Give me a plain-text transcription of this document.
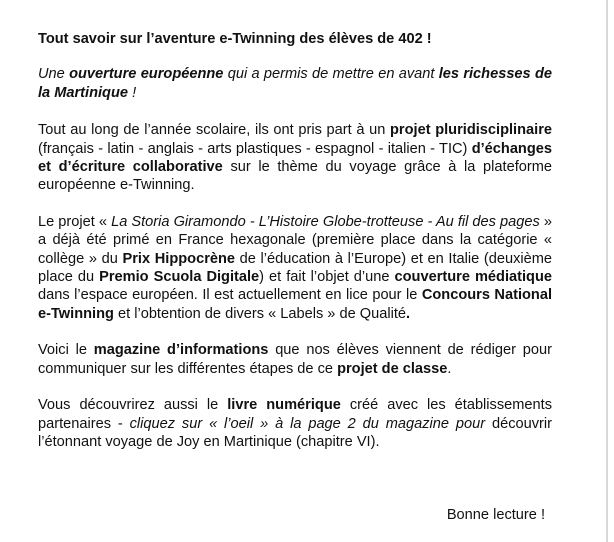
Tout savoir sur l’aventure e-Twinning des élèves de 402 !

Une ouverture européenne qui a permis de mettre en avant les richesses de la Martinique !

Tout au long de l’année scolaire, ils ont pris part à un projet pluridisciplinaire (français - latin - anglais - arts plastiques - espagnol - italien - TIC) d’échanges et d’écriture collaborative sur le thème du voyage grâce à la plateforme européenne e-Twinning.

Le projet « La Storia Giramondo - L’Histoire Globe-trotteuse - Au fil des pages » a déjà été primé en France hexagonale (première place dans la catégorie « collège » du Prix Hippocrène de l’éducation à l’Europe) et en Italie (deuxième place du Premio Scuola Digitale) et fait l’objet d’une couverture médiatique dans l’espace européen. Il est actuellement en lice pour le Concours National e-Twinning et l’obtention de divers « Labels » de Qualité.

Voici le magazine d’informations que nos élèves viennent de rédiger pour communiquer sur les différentes étapes de ce projet de classe.

Vous découvrirez aussi le livre numérique créé avec les établissements partenaires - cliquez sur « l’oeil » à la page 2 du magazine pour découvrir l’étonnant voyage de Joy en Martinique (chapitre VI).

Bonne lecture !
